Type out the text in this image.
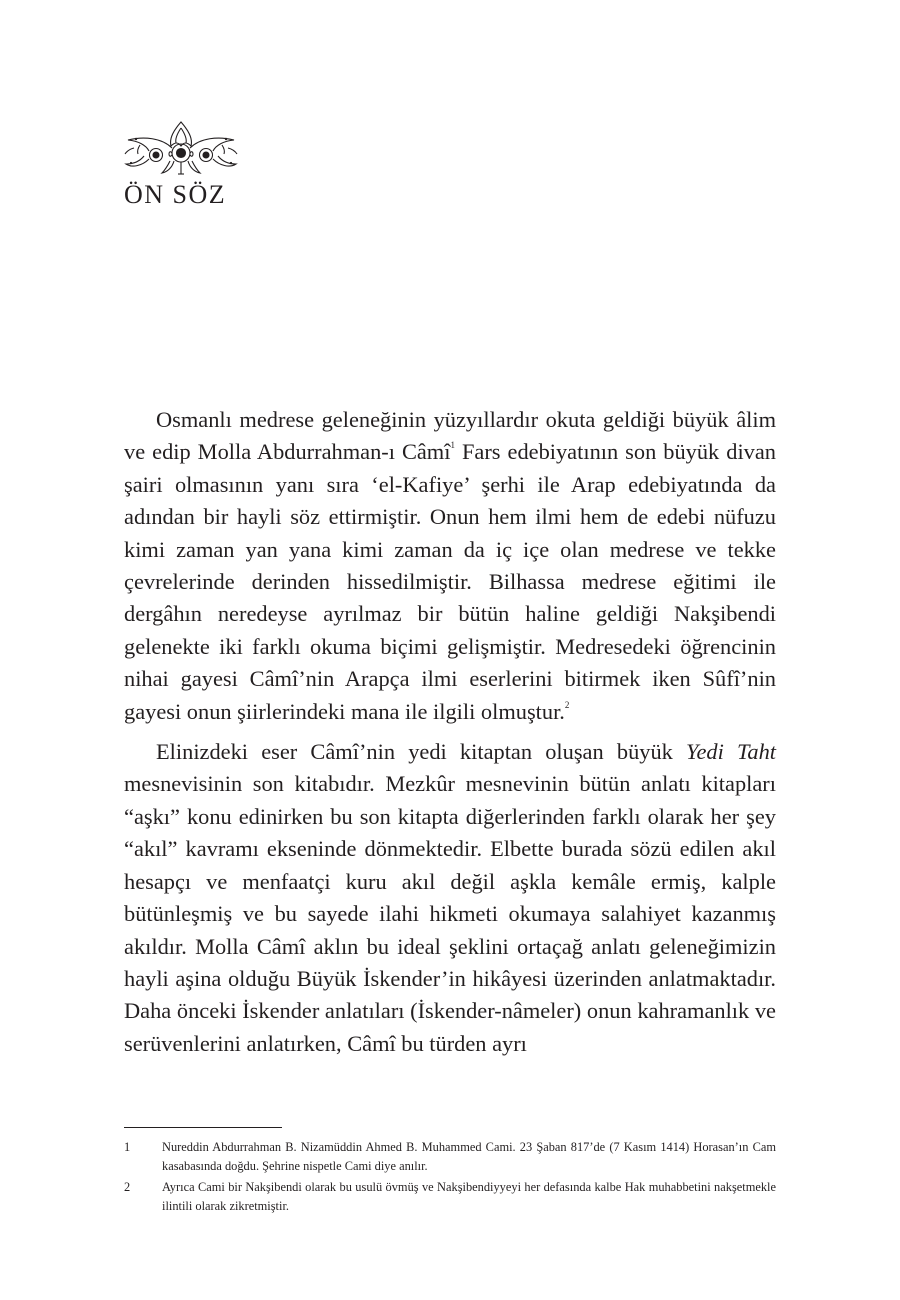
ÖN SÖZ

Osmanlı medrese geleneğinin yüzyıllardır okuta geldiği büyük âlim ve edip Molla Abdurrahman-ı Câmî$^1$ Fars edebiyatının son büyük divan şairi olmasının yanı sıra ‘el-Kafiye’ şerhi ile Arap edebiyatında da adından bir hayli söz ettirmiştir. Onun hem ilmi hem de edebi nüfuzu kimi zaman yan yana kimi zaman da iç içe olan medrese ve tekke çevrelerinde derinden hissedilmiştir. Bilhassa medrese eğitimi ile dergâhın neredeyse ayrılmaz bir bütün haline geldiği Nakşibendi gelenekte iki farklı okuma biçimi gelişmiştir. Medresedeki öğrencinin nihai gayesi Câmî’nin Arapça ilmi eserlerini bitirmek iken Sûfî’nin gayesi onun şiirlerindeki mana ile ilgili olmuştur.$^2$

Elinizdeki eser Câmî’nin yedi kitaptan oluşan büyük Yedi Taht mesnevisinin son kitabıdır. Mezkûr mesnevinin bütün anlatı kitapları “aşkı” konu edinirken bu son kitapta diğerlerinden farklı olarak her şey “akıl” kavramı ekseninde dönmektedir. Elbette burada sözü edilen akıl hesapçı ve menfaatçi kuru akıl değil aşkla kemâle ermiş, kalple bütünleşmiş ve bu sayede ilahi hikmeti okumaya salahiyet kazanmış akıldır. Molla Câmî aklın bu ideal şeklini ortaçağ anlatı geleneğimizin hayli aşina olduğu Büyük İskender’in hikâyesi üzerinden anlatmaktadır. Daha önceki İskender anlatıları (İskender-nâmeler) onun kahramanlık ve serüvenlerini anlatırken, Câmî bu türden ayrı

1	Nureddin Abdurrahman B. Nizamüddin Ahmed B. Muhammed Cami. 23 Şaban 817’de (7 Kasım 1414) Horasan’ın Cam kasabasında doğdu. Şehrine nispetle Cami diye anılır.
2	Ayrıca Cami bir Nakşibendi olarak bu usulü övmüş ve Nakşibendiyyeyi her defasında kalbe Hak muhabbetini nakşetmekle ilintili olarak zikretmiştir.
